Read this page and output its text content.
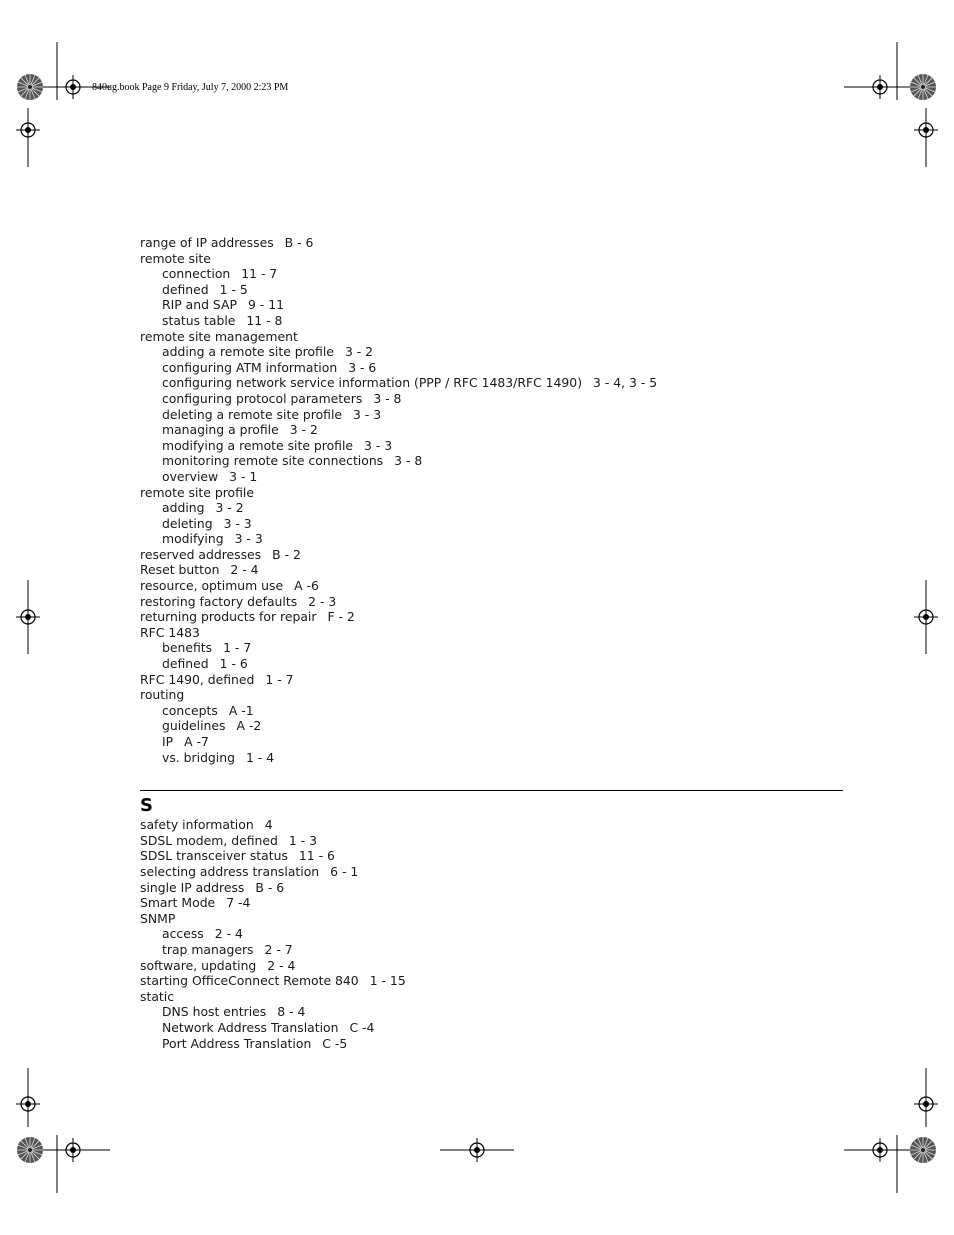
840ug.book Page 9 Friday, July 7, 2000 2:23 PM
range of IP addresses B - 6
remote site
connection 11 - 7
defined 1 - 5
RIP and SAP 9 - 11
status table 11 - 8
remote site management
adding a remote site profile 3 - 2
configuring ATM information 3 - 6
configuring network service information (PPP / RFC 1483/RFC 1490) 3 - 4, 3 - 5
configuring protocol parameters 3 - 8
deleting a remote site profile 3 - 3
managing a profile 3 - 2
modifying a remote site profile 3 - 3
monitoring remote site connections 3 - 8
overview 3 - 1
remote site profile
adding 3 - 2
deleting 3 - 3
modifying 3 - 3
reserved addresses B - 2
Reset button 2 - 4
resource, optimum use A -6
restoring factory defaults 2 - 3
returning products for repair F - 2
RFC 1483
benefits 1 - 7
defined 1 - 6
RFC 1490, defined 1 - 7
routing
concepts A -1
guidelines A -2
IP A -7
vs. bridging 1 - 4
S
safety information 4
SDSL modem, defined 1 - 3
SDSL transceiver status 11 - 6
selecting address translation 6 - 1
single IP address B - 6
Smart Mode 7 -4
SNMP
access 2 - 4
trap managers 2 - 7
software, updating 2 - 4
starting OfficeConnect Remote 840 1 - 15
static
DNS host entries 8 - 4
Network Address Translation C -4
Port Address Translation C -5
